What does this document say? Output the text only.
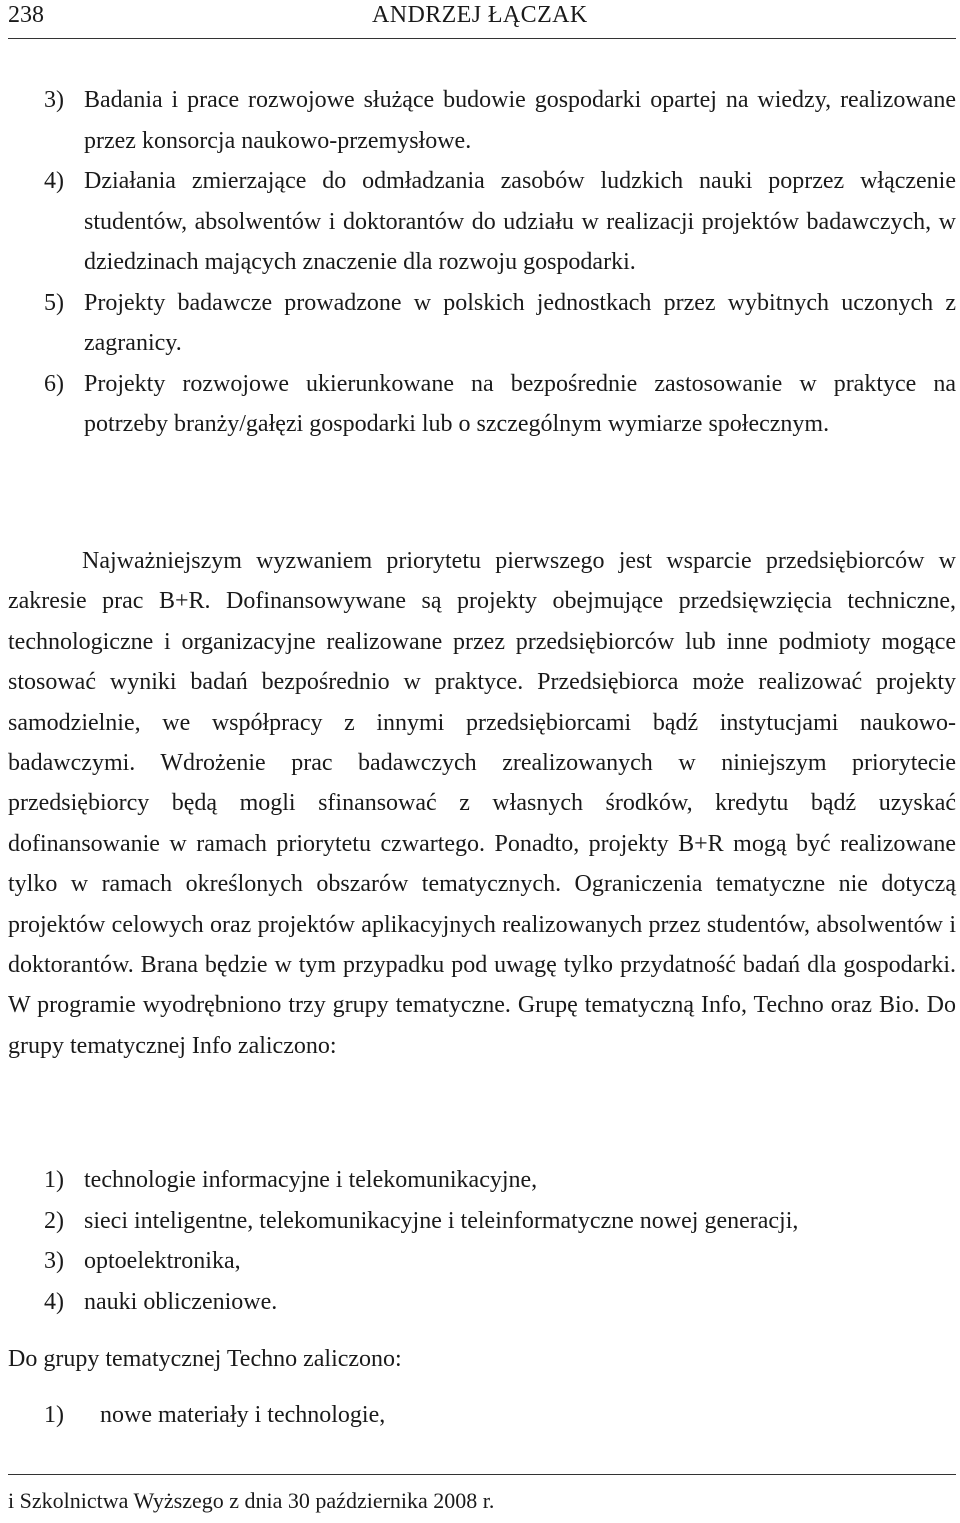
238	ANDRZEJ ŁĄCZAK
3) Badania i prace rozwojowe służące budowie gospodarki opartej na wiedzy, realizowane przez konsorcja naukowo-przemysłowe.
4) Działania zmierzające do odmładzania zasobów ludzkich nauki poprzez włączenie studentów, absolwentów i doktorantów do udziału w realizacji projektów badawczych, w dziedzinach mających znaczenie dla rozwoju gospodarki.
5) Projekty badawcze prowadzone w polskich jednostkach przez wybitnych uczonych z zagranicy.
6) Projekty rozwojowe ukierunkowane na bezpośrednie zastosowanie w praktyce na potrzeby branży/gałęzi gospodarki lub o szczególnym wymiarze społecznym.

Najważniejszym wyzwaniem priorytetu pierwszego jest wsparcie przedsiębiorców w zakresie prac B+R. Dofinansowywane są projekty obejmujące przedsięwzięcia techniczne, technologiczne i organizacyjne realizowane przez przedsiębiorców lub inne podmioty mogące stosować wyniki badań bezpośrednio w praktyce. Przedsiębiorca może realizować projekty samodzielnie, we współpracy z innymi przedsiębiorcami bądź instytucjami naukowo-badawczymi. Wdrożenie prac badawczych zrealizowanych w niniejszym priorytecie przedsiębiorcy będą mogli sfinansować z własnych środków, kredytu bądź uzyskać dofinansowanie w ramach priorytetu czwartego. Ponadto, projekty B+R mogą być realizowane tylko w ramach określonych obszarów tematycznych. Ograniczenia tematyczne nie dotyczą projektów celowych oraz projektów aplikacyjnych realizowanych przez studentów, absolwentów i doktorantów. Brana będzie w tym przypadku pod uwagę tylko przydatność badań dla gospodarki. W programie wyodrębniono trzy grupy tematyczne. Grupę tematyczną Info, Techno oraz Bio. Do grupy tematycznej Info zaliczono:

1) technologie informacyjne i telekomunikacyjne,
2) sieci inteligentne, telekomunikacyjne i teleinformatyczne nowej generacji,
3) optoelektronika,
4) nauki obliczeniowe.

Do grupy tematycznej Techno zaliczono:

1) nowe materiały i technologie,

i Szkolnictwa Wyższego z dnia 30 października 2008 r.
